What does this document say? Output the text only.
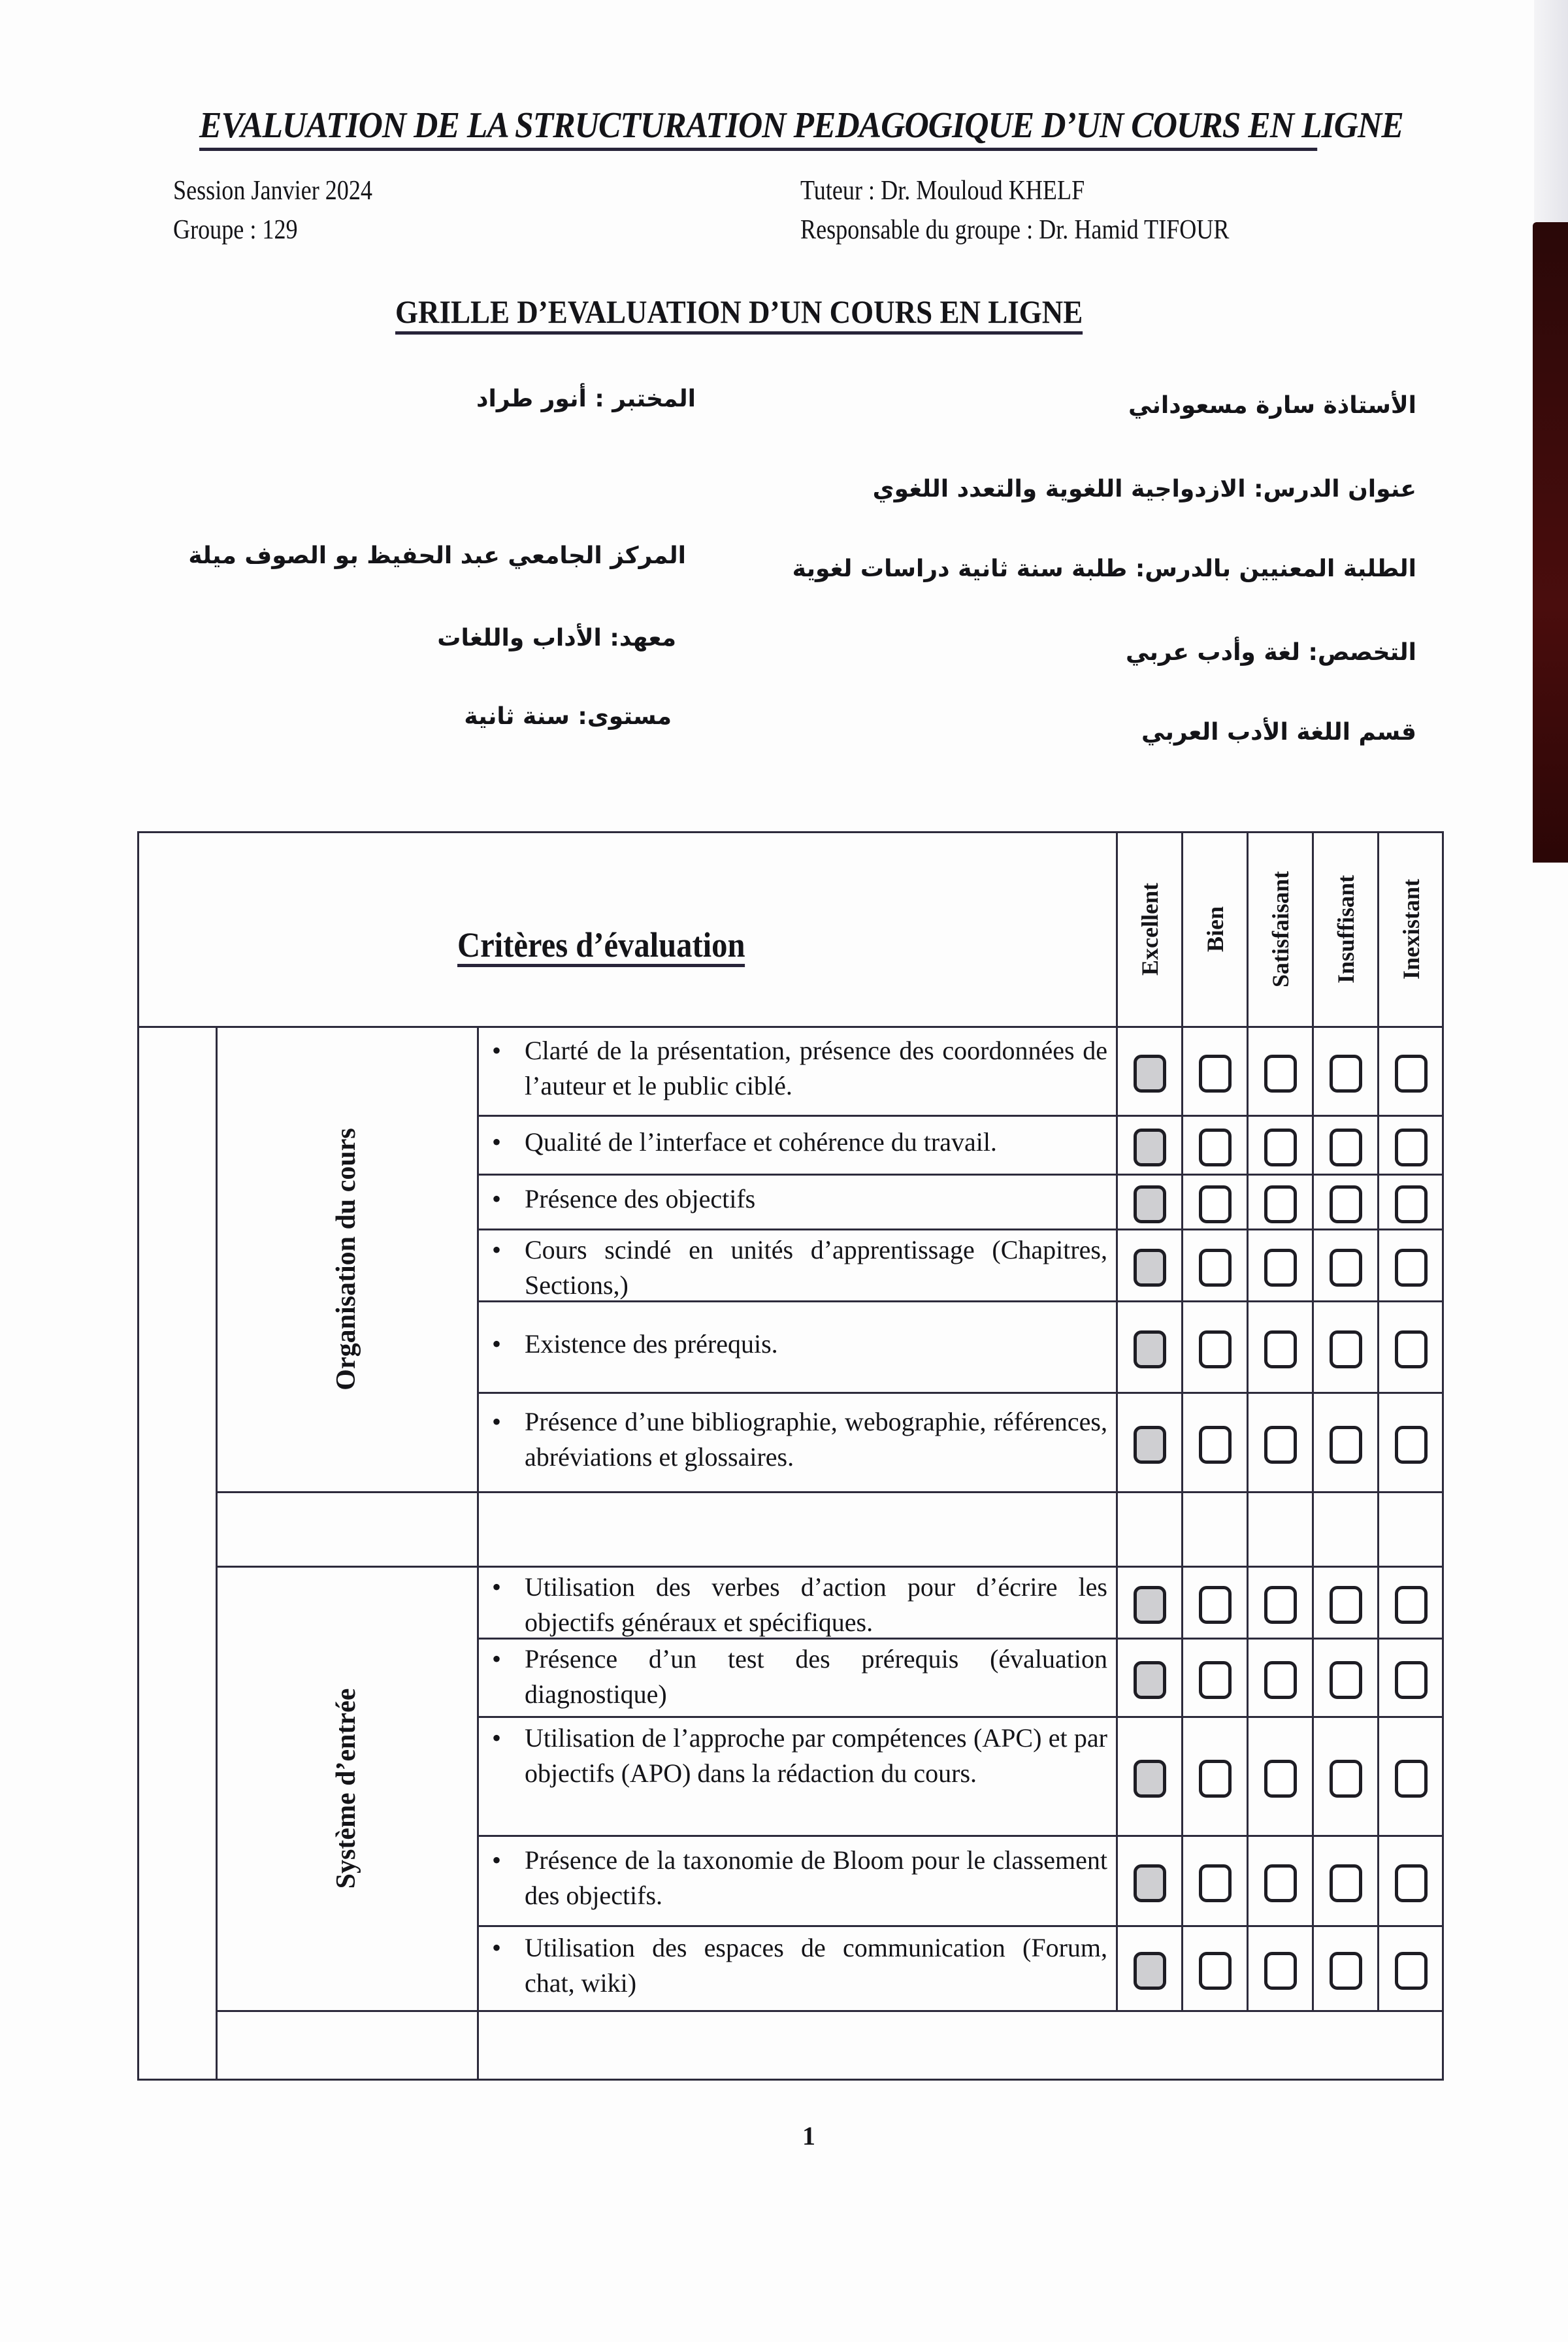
EVALUATION DE LA STRUCTURATION PEDAGOGIQUE D’UN COURS EN LIGNE
Session Janvier 2024
Groupe : 129
Tuteur : Dr. Mouloud KHELF
Responsable du groupe : Dr. Hamid TIFOUR
GRILLE D’EVALUATION D’UN COURS EN LIGNE
الأستاذة سارة مسعوداني
عنوان الدرس: الازدواجية اللغوية والتعدد اللغوي
الطلبة المعنيين بالدرس: طلبة سنة ثانية دراسات لغوية
التخصص: لغة وأدب عربي
قسم اللغة الأدب العربي
المختبر : أنور طراد
المركز الجامعي عبد الحفيظ بو الصوف ميلة
معهد: الأداب واللغات
مستوى: سنة ثانية
Critères d’évaluation	Excellent Bien Satisfaisant Insuffisant Inexistant
Organisation du cours
Système d’entrée
• Clarté de la présentation, présence des coordonnées de l’auteur et le public ciblé.
• Qualité de l’interface et cohérence du travail.
• Présence des objectifs
• Cours scindé en unités d’apprentissage (Chapitres, Sections,)
• Existence des prérequis.
• Présence d’une bibliographie, webographie, références, abréviations et glossaires.
• Utilisation des verbes d’action pour d’écrire les objectifs généraux et spécifiques.
• Présence d’un test des prérequis (évaluation diagnostique)
• Utilisation de l’approche par compétences (APC) et par objectifs (APO) dans la rédaction du cours.
• Présence de la taxonomie de Bloom pour le classement des objectifs.
• Utilisation des espaces de communication (Forum, chat, wiki)
1
